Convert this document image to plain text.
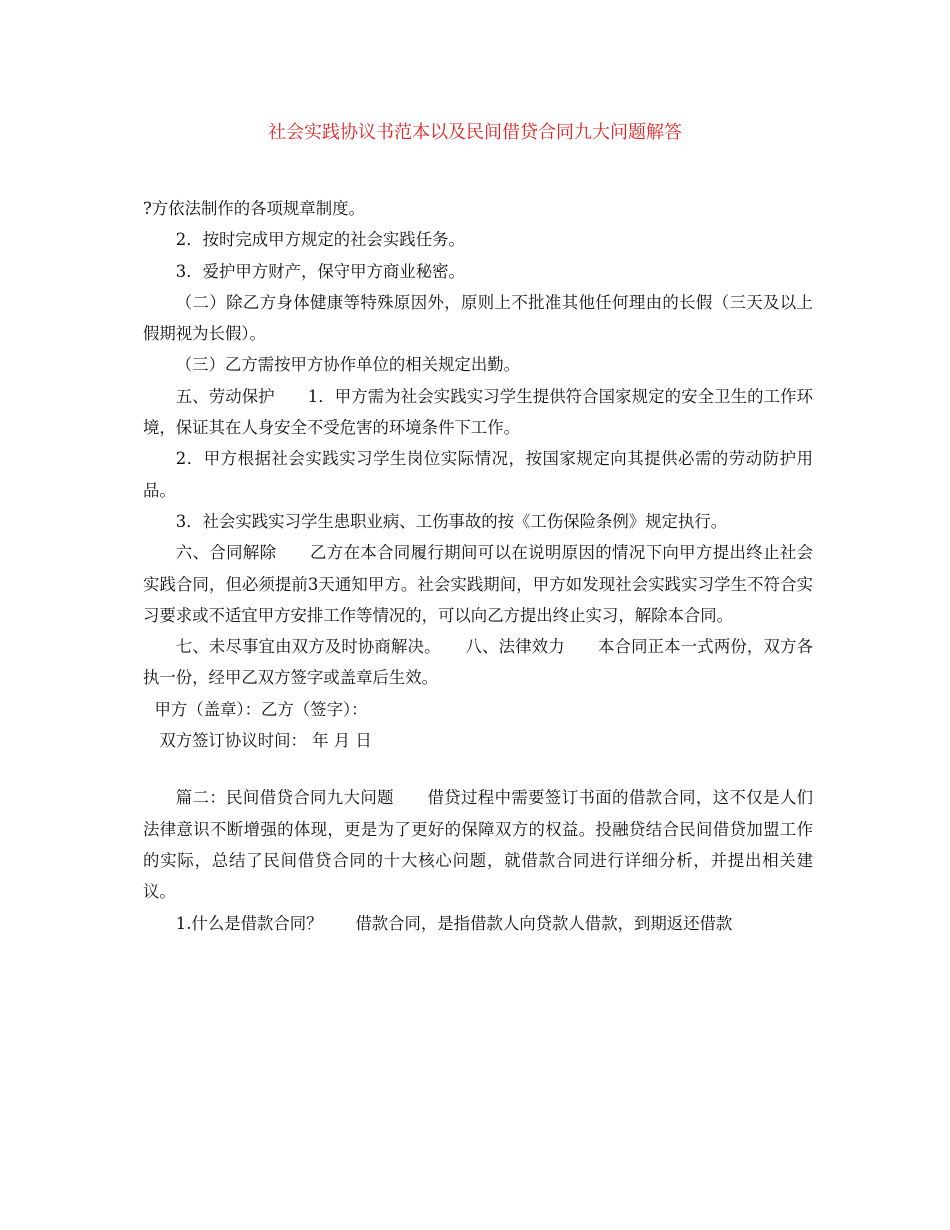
社会实践协议书范本以及民间借贷合同九大问题解答

?方依法制作的各项规章制度。

2．按时完成甲方规定的社会实践任务。

3．爱护甲方财产，保守甲方商业秘密。

（二）除乙方身体健康等特殊原因外，原则上不批准其他任何理由的长假（三天及以上假期视为长假）。

（三）乙方需按甲方协作单位的相关规定出勤。

五、劳动保护　　1．甲方需为社会实践实习学生提供符合国家规定的安全卫生的工作环境，保证其在人身安全不受危害的环境条件下工作。

2．甲方根据社会实践实习学生岗位实际情况，按国家规定向其提供必需的劳动防护用品。

3．社会实践实习学生患职业病、工伤事故的按《工伤保险条例》规定执行。

六、合同解除　　乙方在本合同履行期间可以在说明原因的情况下向甲方提出终止社会实践合同，但必须提前3天通知甲方。社会实践期间，甲方如发现社会实践实习学生不符合实习要求或不适宜甲方安排工作等情况的，可以向乙方提出终止实习，解除本合同。

七、未尽事宜由双方及时协商解决。　　八、法律效力　　本合同正本一式两份，双方各执一份，经甲乙双方签字或盖章后生效。

甲方（盖章）：乙方（签字）：

双方签订协议时间： 年 月 日

篇二：民间借贷合同九大问题　　借贷过程中需要签订书面的借款合同，这不仅是人们法律意识不断增强的体现，更是为了更好的保障双方的权益。投融贷结合民间借贷加盟工作的实际，总结了民间借贷合同的十大核心问题，就借款合同进行详细分析，并提出相关建议。

1.什么是借款合同？　　借款合同，是指借款人向贷款人借款，到期返还借款
